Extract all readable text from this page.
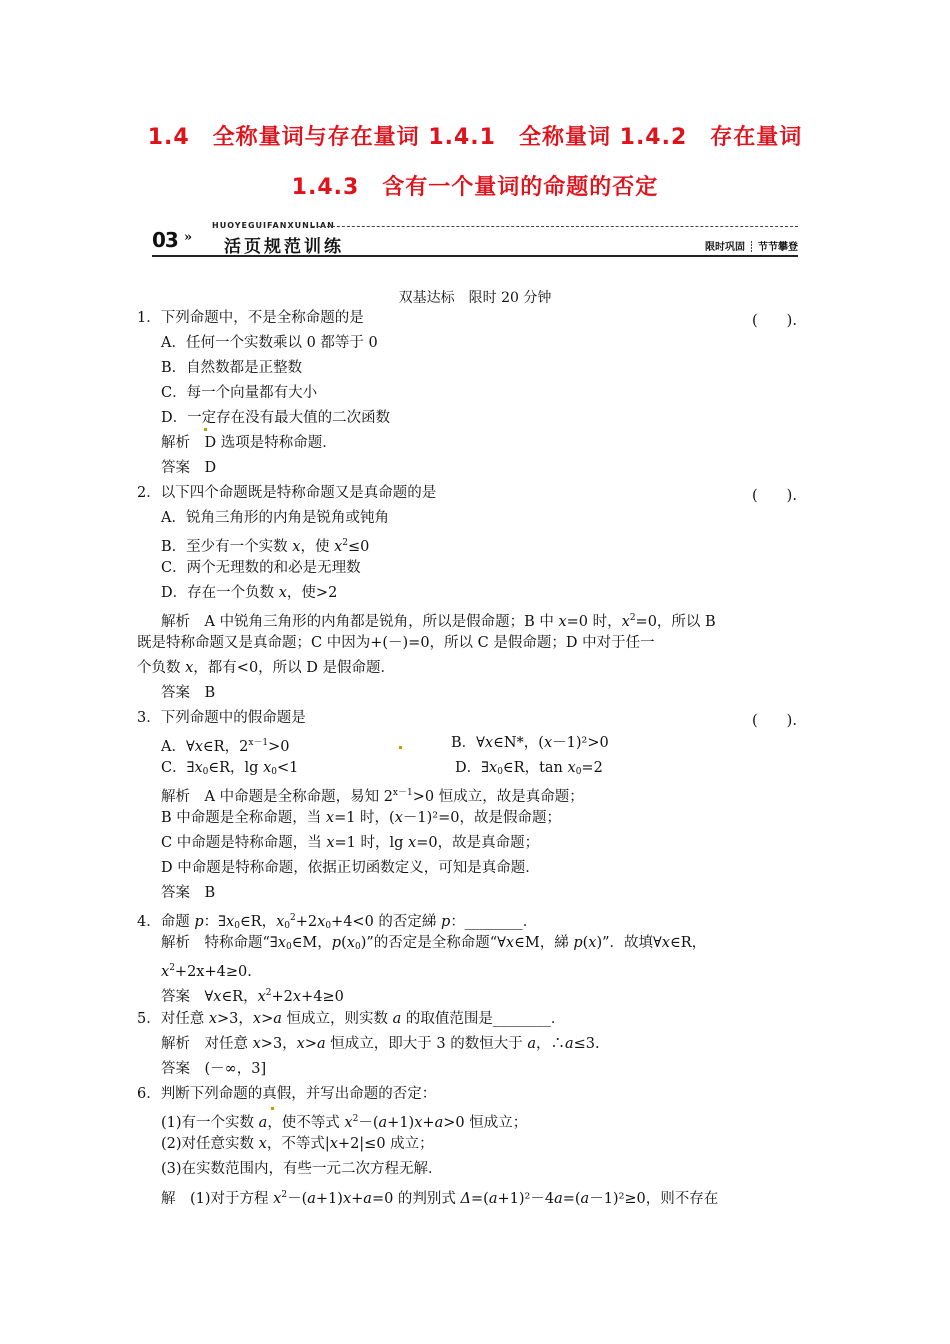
1.4　全称量词与存在量词 1.4.1　全称量词 1.4.2　存在量词
1.4.3　含有一个量词的命题的否定
HUOYEGUIFANXUNLIAN
03 » 活页规范训练	限时巩固 ┊ 节节攀登
双基达标　限时 20 分钟
1．下列命题中，不是全称命题的是	(　　).
A．任何一个实数乘以 0 都等于 0
B．自然数都是正整数
C．每一个向量都有大小
D．一定存在没有最大值的二次函数
解析　D 选项是特称命题．
答案　D
2．以下四个命题既是特称命题又是真命题的是	(　　).
A．锐角三角形的内角是锐角或钝角
B．至少有一个实数 x，使 $x^2\le 0$
C．两个无理数的和必是无理数
D．存在一个负数 x，使>2
解析　A 中锐角三角形的内角都是锐角，所以是假命题；B 中 x=0 时，$x^2=0$，所以 B
既是特称命题又是真命题；C 中因为+(－)=0，所以 C 是假命题；D 中对于任一
个负数 x，都有<0，所以 D 是假命题．
答案　B
3．下列命题中的假命题是	(　　).
A．∀x∈R，$2^{x-1}>0$	B．∀x∈N*，(x－1)²>0
C．$\exists x_0\in R$，$\lg x_0<1$	D．$\exists x_0\in R$，$\tan x_0=2$
解析　A 中命题是全称命题，易知 $2^{x-1}>0$ 恒成立，故是真命题；
B 中命题是全称命题，当 x=1 时，(x－1)²=0，故是假命题；
C 中命题是特称命题，当 x=1 时，lg x=0，故是真命题；
D 中命题是特称命题，依据正切函数定义，可知是真命题．
答案　B
4．命题 p：$\exists x_0\in R$，$x_0^2+2x_0+4<0$ 的否定綈 p：________．
解析　特称命题“$\exists x_0\in M$，$p(x_0)$”的否定是全称命题“∀x∈M，綈 p(x)”．故填∀x∈R，
$x^2+2x+4\ge 0$.
答案　∀x∈R，$x^2+2x+4\ge 0$
5．对任意 x>3，x>a 恒成立，则实数 a 的取值范围是________．
解析　对任意 x>3，x>a 恒成立，即大于 3 的数恒大于 a，∴a≤3.
答案　(－∞，3]
6．判断下列命题的真假，并写出命题的否定：
(1)有一个实数 a，使不等式 $x^2-(a+1)x+a>0$ 恒成立；
(2)对任意实数 x，不等式|x+2|≤0 成立；
(3)在实数范围内，有些一元二次方程无解．
解　(1)对于方程 $x^2-(a+1)x+a=0$ 的判别式 Δ=(a+1)²－4a=(a－1)²≥0，则不存在
